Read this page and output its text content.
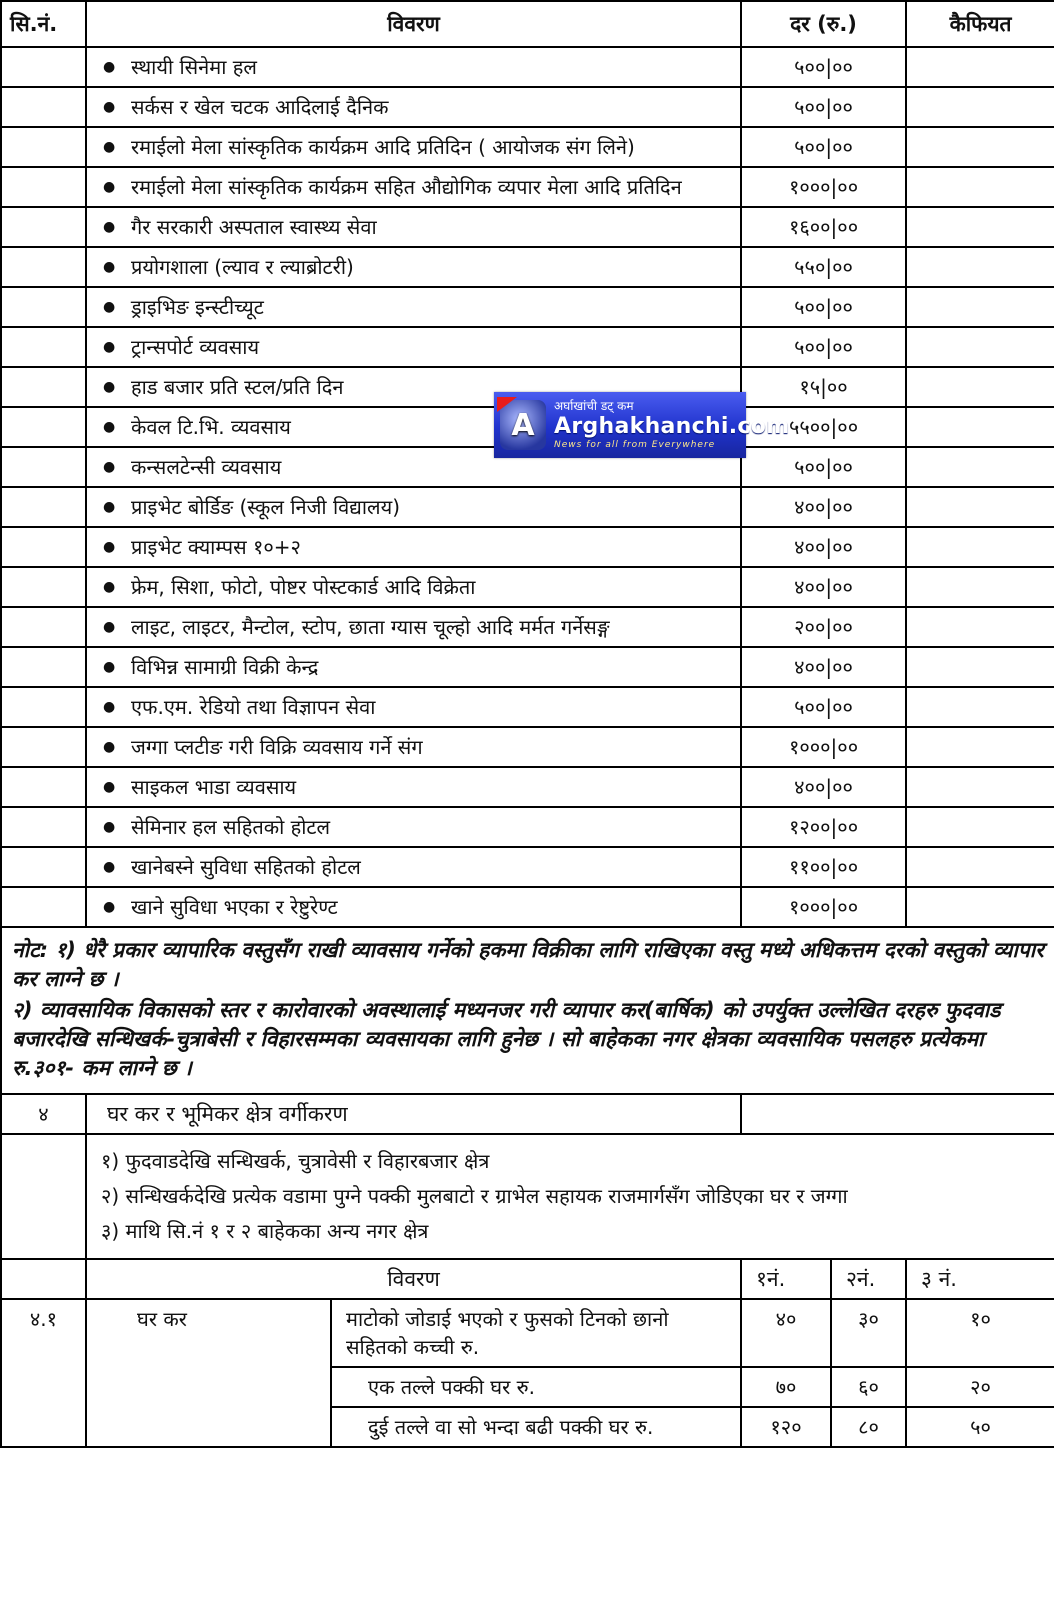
सि.नं.	विवरण		दर (रु.)		कैफियत
	● स्थायी सिनेमा हल		५००|००		
	● सर्कस र खेल चटक आदिलाई दैनिक		५००|००		
	● रमाईलो मेला सांस्कृतिक कार्यक्रम आदि प्रतिदिन ( आयोजक संग लिने)		५००|००		
	● रमाईलो मेला सांस्कृतिक कार्यक्रम सहित औद्योगिक व्यपार मेला आदि प्रतिदिन		१०००|००		
	● गैर सरकारी अस्पताल स्वास्थ्य सेवा		१६००|००		
	● प्रयोगशाला (ल्याव र ल्याब्रोटरी)		५५०|००		
	● ड्राइभिङ इन्स्टीच्यूट		५००|००		
	● ट्रान्सपोर्ट व्यवसाय		५००|००		
	● हाड बजार प्रति स्टल/प्रति दिन		१५|००		
	● केवल टि.भि. व्यवसाय		५५००|००		
	● कन्सलटेन्सी व्यवसाय		५००|००		
	● प्राइभेट बोर्डिङ (स्कूल निजी विद्यालय)		४००|००		
	● प्राइभेट क्याम्पस १०+२		४००|००		
	● फ्रेम, सिशा, फोटो, पोष्टर पोस्टकार्ड आदि विक्रेता		४००|००		
	● लाइट, लाइटर, मैन्टोल, स्टोप, छाता ग्यास चूल्हो आदि मर्मत गर्नेसङ्ग		२००|००		
	● विभिन्न सामाग्री विक्री केन्द्र		४००|००		
	● एफ.एम. रेडियो तथा विज्ञापन सेवा		५००|००		
	● जग्गा प्लटीङ गरी विक्रि व्यवसाय गर्ने संग		१०००|००		
	● साइकल भाडा व्यवसाय		४००|००		
	● सेमिनार हल सहितको होटल		१२००|००		
	● खानेबस्ने सुविधा सहितको होटल		११००|००		
	● खाने सुविधा भएका र रेष्टुरेण्ट		१०००|००		

नोट: १) धेरै प्रकार व्यापारिक वस्तुसँग राखी व्यावसाय गर्नेको हकमा विक्रीका लागि राखिएका वस्तु मध्ये अधिकत्तम दरको वस्तुको व्यापार कर लाग्ने छ ।

२) व्यावसायिक विकासको स्तर र कारोवारको अवस्थालाई मध्यनजर गरी व्यापार कर(बार्षिक) को उपर्युक्त उल्लेखित दरहरु फुदवाड बजारदेखि सन्धिखर्क-चुत्राबेसी र विहारसम्मका व्यवसायका लागि हुनेछ । सो बाहेकका नगर क्षेत्रका व्यवसायिक पसलहरु प्रत्येकमा रु.३०१- कम लाग्ने छ ।					

४	घर कर र भूमिकर क्षेत्र वर्गीकरण				

	१) फुदवाडदेखि सन्धिखर्क, चुत्रावेसी र विहारबजार क्षेत्र
२) सन्धिखर्कदेखि प्रत्येक वडामा पुग्ने पक्की मुलबाटो र ग्राभेल सहायक राजमार्गसँग जोडिएका घर र जग्गा
३) माथि सि.नं १ र २ बाहेकका अन्य नगर क्षेत्र				

	विवरण		१नं.	२नं.	३ नं.
४.१	घर कर	माटोको जोडाई भएको र फुसको टिनको छानो सहितको कच्ची रु.	४०	३०	१०
		एक तल्ले पक्की घर रु.	७०	६०	२०
		दुई तल्ले वा सो भन्दा बढी पक्की घर रु.	१२०	८०	५०
A
अर्घाखांची डट् कम
Arghakhanchi.com
News for all from Everywhere
